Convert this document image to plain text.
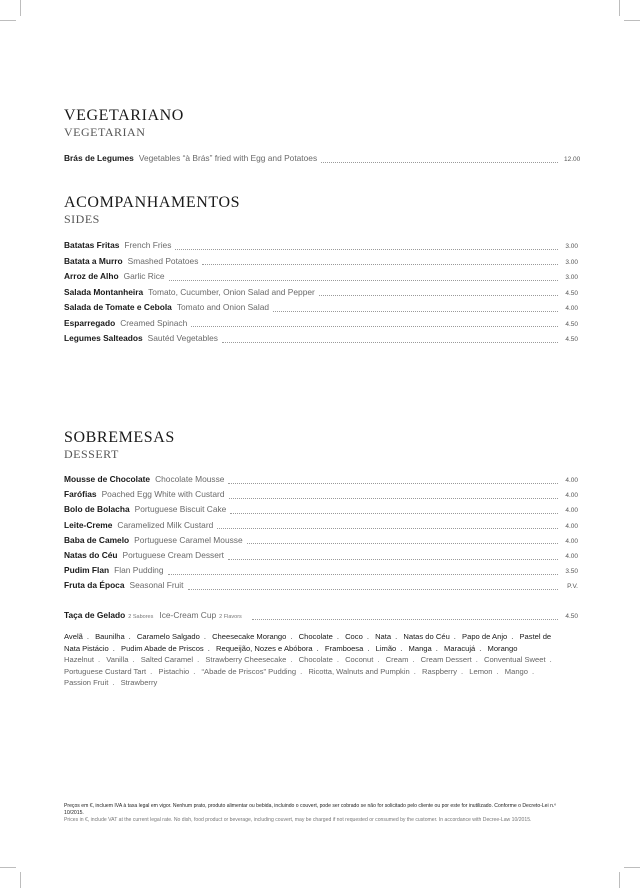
VEGETARIANO
VEGETARIAN
Brás de Legumes Vegetables “à Brás” fried with Egg and Potatoes	12.00
ACOMPANHAMENTOS
SIDES
Batatas Fritas French Fries	3.00
Batata a Murro Smashed Potatoes	3.00
Arroz de Alho Garlic Rice	3.00
Salada Montanheira Tomato, Cucumber, Onion Salad and Pepper	4.50
Salada de Tomate e Cebola Tomato and Onion Salad	4.00
Esparregado Creamed Spinach	4.50
Legumes Salteados Sautéd Vegetables	4.50
SOBREMESAS
DESSERT
Mousse de Chocolate Chocolate Mousse	4.00
Farófias Poached Egg White with Custard	4.00
Bolo de Bolacha Portuguese Biscuit Cake	4.00
Leite-Creme Caramelized Milk Custard	4.00
Baba de Camelo Portuguese Caramel Mousse	4.00
Natas do Céu Portuguese Cream Dessert	4.00
Pudim Flan Flan Pudding	3.50
Fruta da Época Seasonal Fruit	P.V.
Taça de Gelado 2 Sabores Ice-Cream Cup 2 Flavors	4.50
Avelã . Baunilha . Caramelo Salgado . Cheesecake Morango . Chocolate . Coco . Nata . Natas do Céu . Papo de Anjo . Pastel de Nata Pistácio . Pudim Abade de Priscos . Requeijão, Nozes e Abóbora . Framboesa . Limão . Manga . Maracujá . Morango
Hazelnut . Vanilla . Salted Caramel . Strawberry Cheesecake . Chocolate . Coconut . Cream . Cream Dessert . Conventual Sweet . Portuguese Custard Tart . Pistachio . “Abade de Priscos” Pudding . Ricotta, Walnuts and Pumpkin . Raspberry . Lemon . Mango . Passion Fruit . Strawberry
Preços em €, incluem IVA à taxa legal em vigor. Nenhum prato, produto alimentar ou bebida, incluindo o couvert, pode ser cobrado se não for solicitado pelo cliente ou por este for inutilizado. Conforme o Decreto-Lei n.º 10/2015.
Prices in €, include VAT at the current legal rate. No dish, food product or beverage, including couvert, may be charged if not requested or consumed by the customer. In accordance with Decree-Law 10/2015.
